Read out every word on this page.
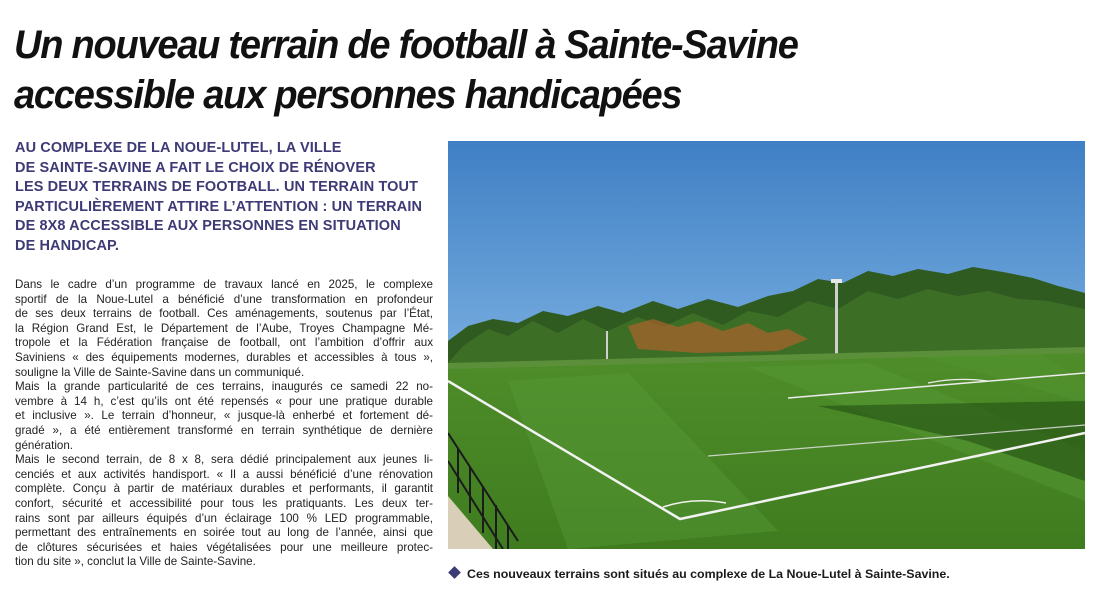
Un nouveau terrain de football à Sainte-Savine
accessible aux personnes handicapées
AU COMPLEXE DE LA NOUE-LUTEL, LA VILLE
DE SAINTE-SAVINE A FAIT LE CHOIX DE RÉNOVER
LES DEUX TERRAINS DE FOOTBALL. UN TERRAIN TOUT
PARTICULIÈREMENT ATTIRE L’ATTENTION : UN TERRAIN
DE 8X8 ACCESSIBLE AUX PERSONNES EN SITUATION
DE HANDICAP.
Dans le cadre d’un programme de travaux lancé en 2025, le complexe
sportif de la Noue-Lutel a bénéficié d’une transformation en profondeur
de ses deux terrains de football. Ces aménagements, soutenus par l’État,
la Région Grand Est, le Département de l’Aube, Troyes Champagne Mé-
tropole et la Fédération française de football, ont l’ambition d’offrir aux
Saviniens « des équipements modernes, durables et accessibles à tous »,
souligne la Ville de Sainte-Savine dans un communiqué.
Mais la grande particularité de ces terrains, inaugurés ce samedi 22 no-
vembre à 14 h, c’est qu’ils ont été repensés « pour une pratique durable
et inclusive ». Le terrain d’honneur, « jusque-là enherbé et fortement dé-
gradé », a été entièrement transformé en terrain synthétique de dernière
génération.
Mais le second terrain, de 8 x 8, sera dédié principalement aux jeunes li-
cenciés et aux activités handisport. « Il a aussi bénéficié d’une rénovation
complète. Conçu à partir de matériaux durables et performants, il garantit
confort, sécurité et accessibilité pour tous les pratiquants. Les deux ter-
rains sont par ailleurs équipés d’un éclairage 100 % LED programmable,
permettant des entraînements en soirée tout au long de l’année, ainsi que
de clôtures sécurisées et haies végétalisées pour une meilleure protec-
tion du site », conclut la Ville de Sainte-Savine.
Ces nouveaux terrains sont situés au complexe de La Noue-Lutel à Sainte-Savine.
